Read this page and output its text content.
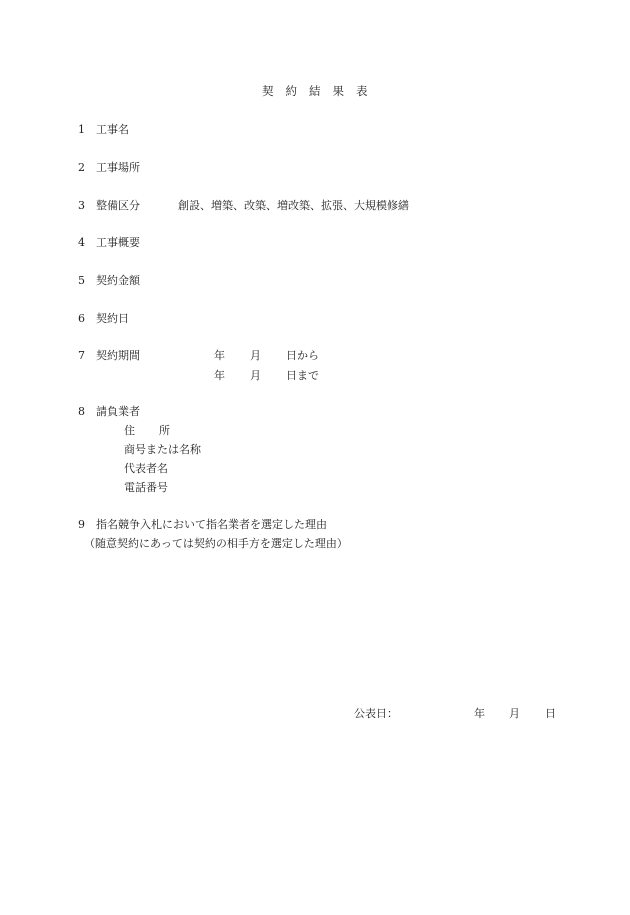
契 約 結 果 表
1 工事名
2 工事場所
3 整備区分	創設、増築、改築、増改築、拡張、大規模修繕
4 工事概要
5 契約金額
6 契約日
7 契約期間	年 月 日から
年 月 日まで
8 請負業者
住 所
商号または名称
代表者名
電話番号
9 指名競争入札において指名業者を選定した理由
（随意契約にあっては契約の相手方を選定した理由）
公表日：	年 月 日
